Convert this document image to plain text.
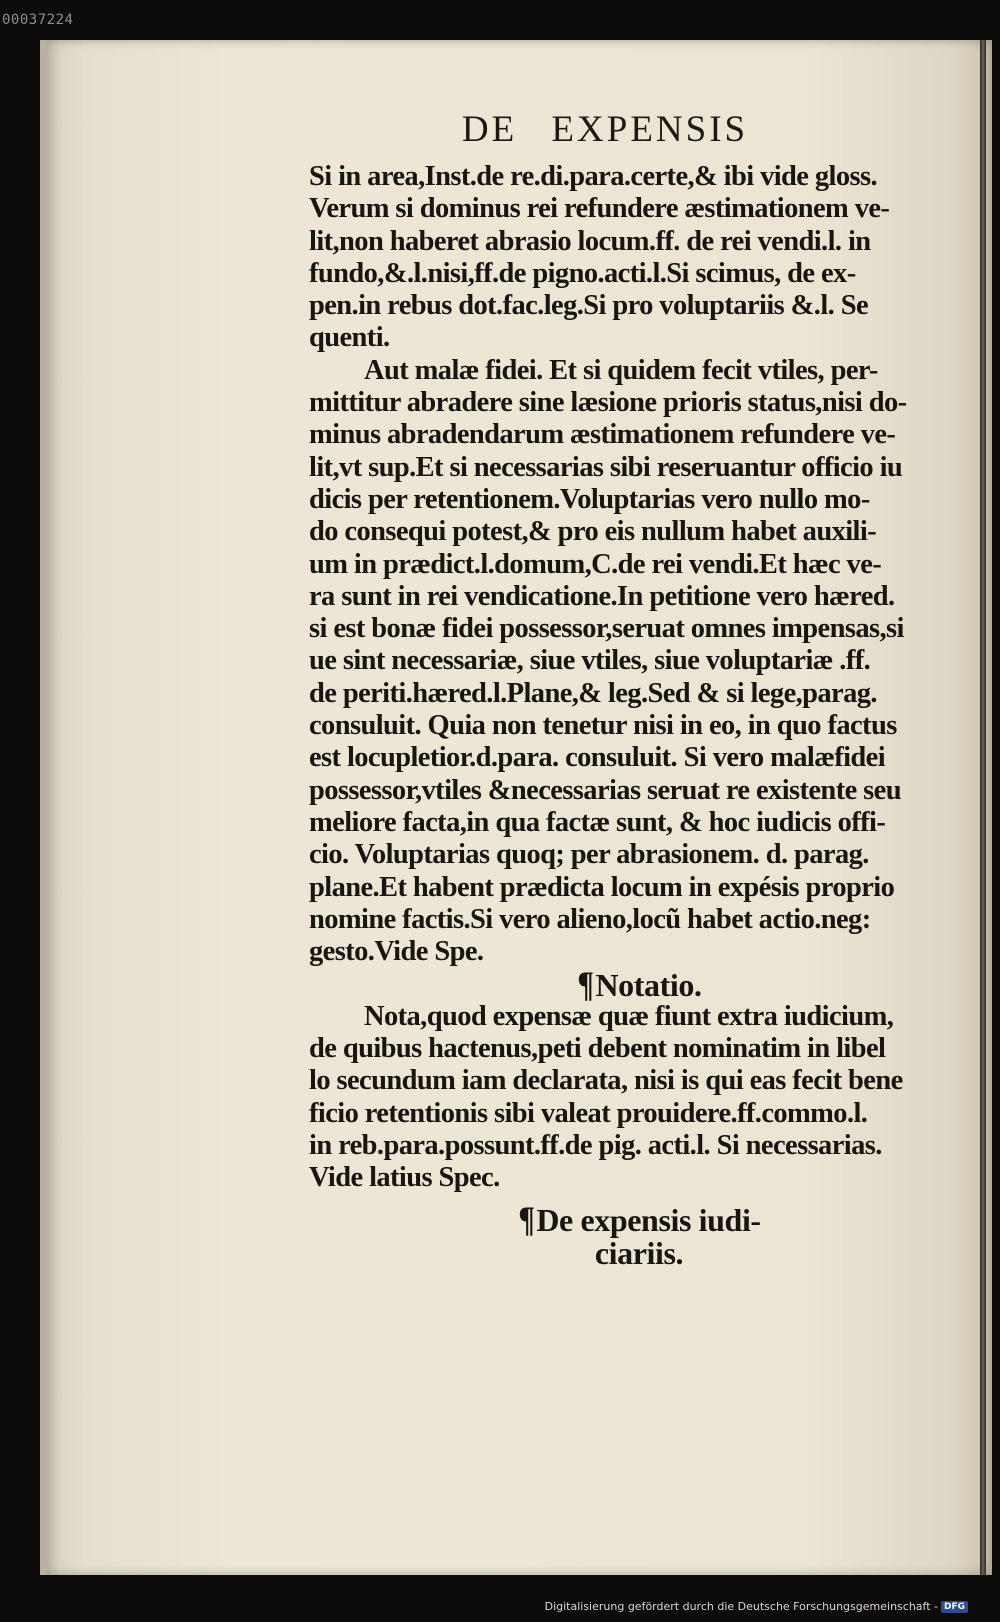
00037224
DE EXPENSIS
Si in area,Inst.de re.di.para.certe,& ibi vide gloss.
Verum si dominus rei refundere æstimationem ve-
lit,non haberet abrasio locum.ff. de rei vendi.l. in
fundo,&.l.nisi,ff.de pigno.acti.l.Si scimus, de ex-
pen.in rebus dot.fac.leg.Si pro voluptariis &.l. Se
quenti.
Aut malæ fidei. Et si quidem fecit vtiles, per-
mittitur abradere sine læsione prioris status,nisi do-
minus abradendarum æstimationem refundere ve-
lit,vt sup.Et si necessarias sibi reseruantur officio iu
dicis per retentionem.Voluptarias vero nullo mo-
do consequi potest,& pro eis nullum habet auxili-
um in prædict.l.domum,C.de rei vendi.Et hæc ve-
ra sunt in rei vendicatione.In petitione vero hæred.
si est bonæ fidei possessor,seruat omnes impensas,si
ue sint necessariæ, siue vtiles, siue voluptariæ .ff.
de periti.hæred.l.Plane,& leg.Sed & si lege,parag.
consuluit. Quia non tenetur nisi in eo, in quo factus
est locupletior.d.para. consuluit. Si vero malæfidei
possessor,vtiles &necessarias seruat re existente seu
meliore facta,in qua factæ sunt, & hoc iudicis offi-
cio. Voluptarias quoq; per abrasionem. d. parag.
plane.Et habent prædicta locum in expésis proprio
nomine factis.Si vero alieno,locũ habet actio.neg:
gesto.Vide Spe.
¶Notatio.
Nota,quod expensæ quæ fiunt extra iudicium,
de quibus hactenus,peti debent nominatim in libel
lo secundum iam declarata, nisi is qui eas fecit bene
ficio retentionis sibi valeat prouidere.ff.commo.l.
in reb.para.possunt.ff.de pig. acti.l. Si necessarias.
Vide latius Spec.
¶De expensis iudi-
ciariis.
Digitalisierung gefördert durch die Deutsche Forschungsgemeinschaft - DFG
